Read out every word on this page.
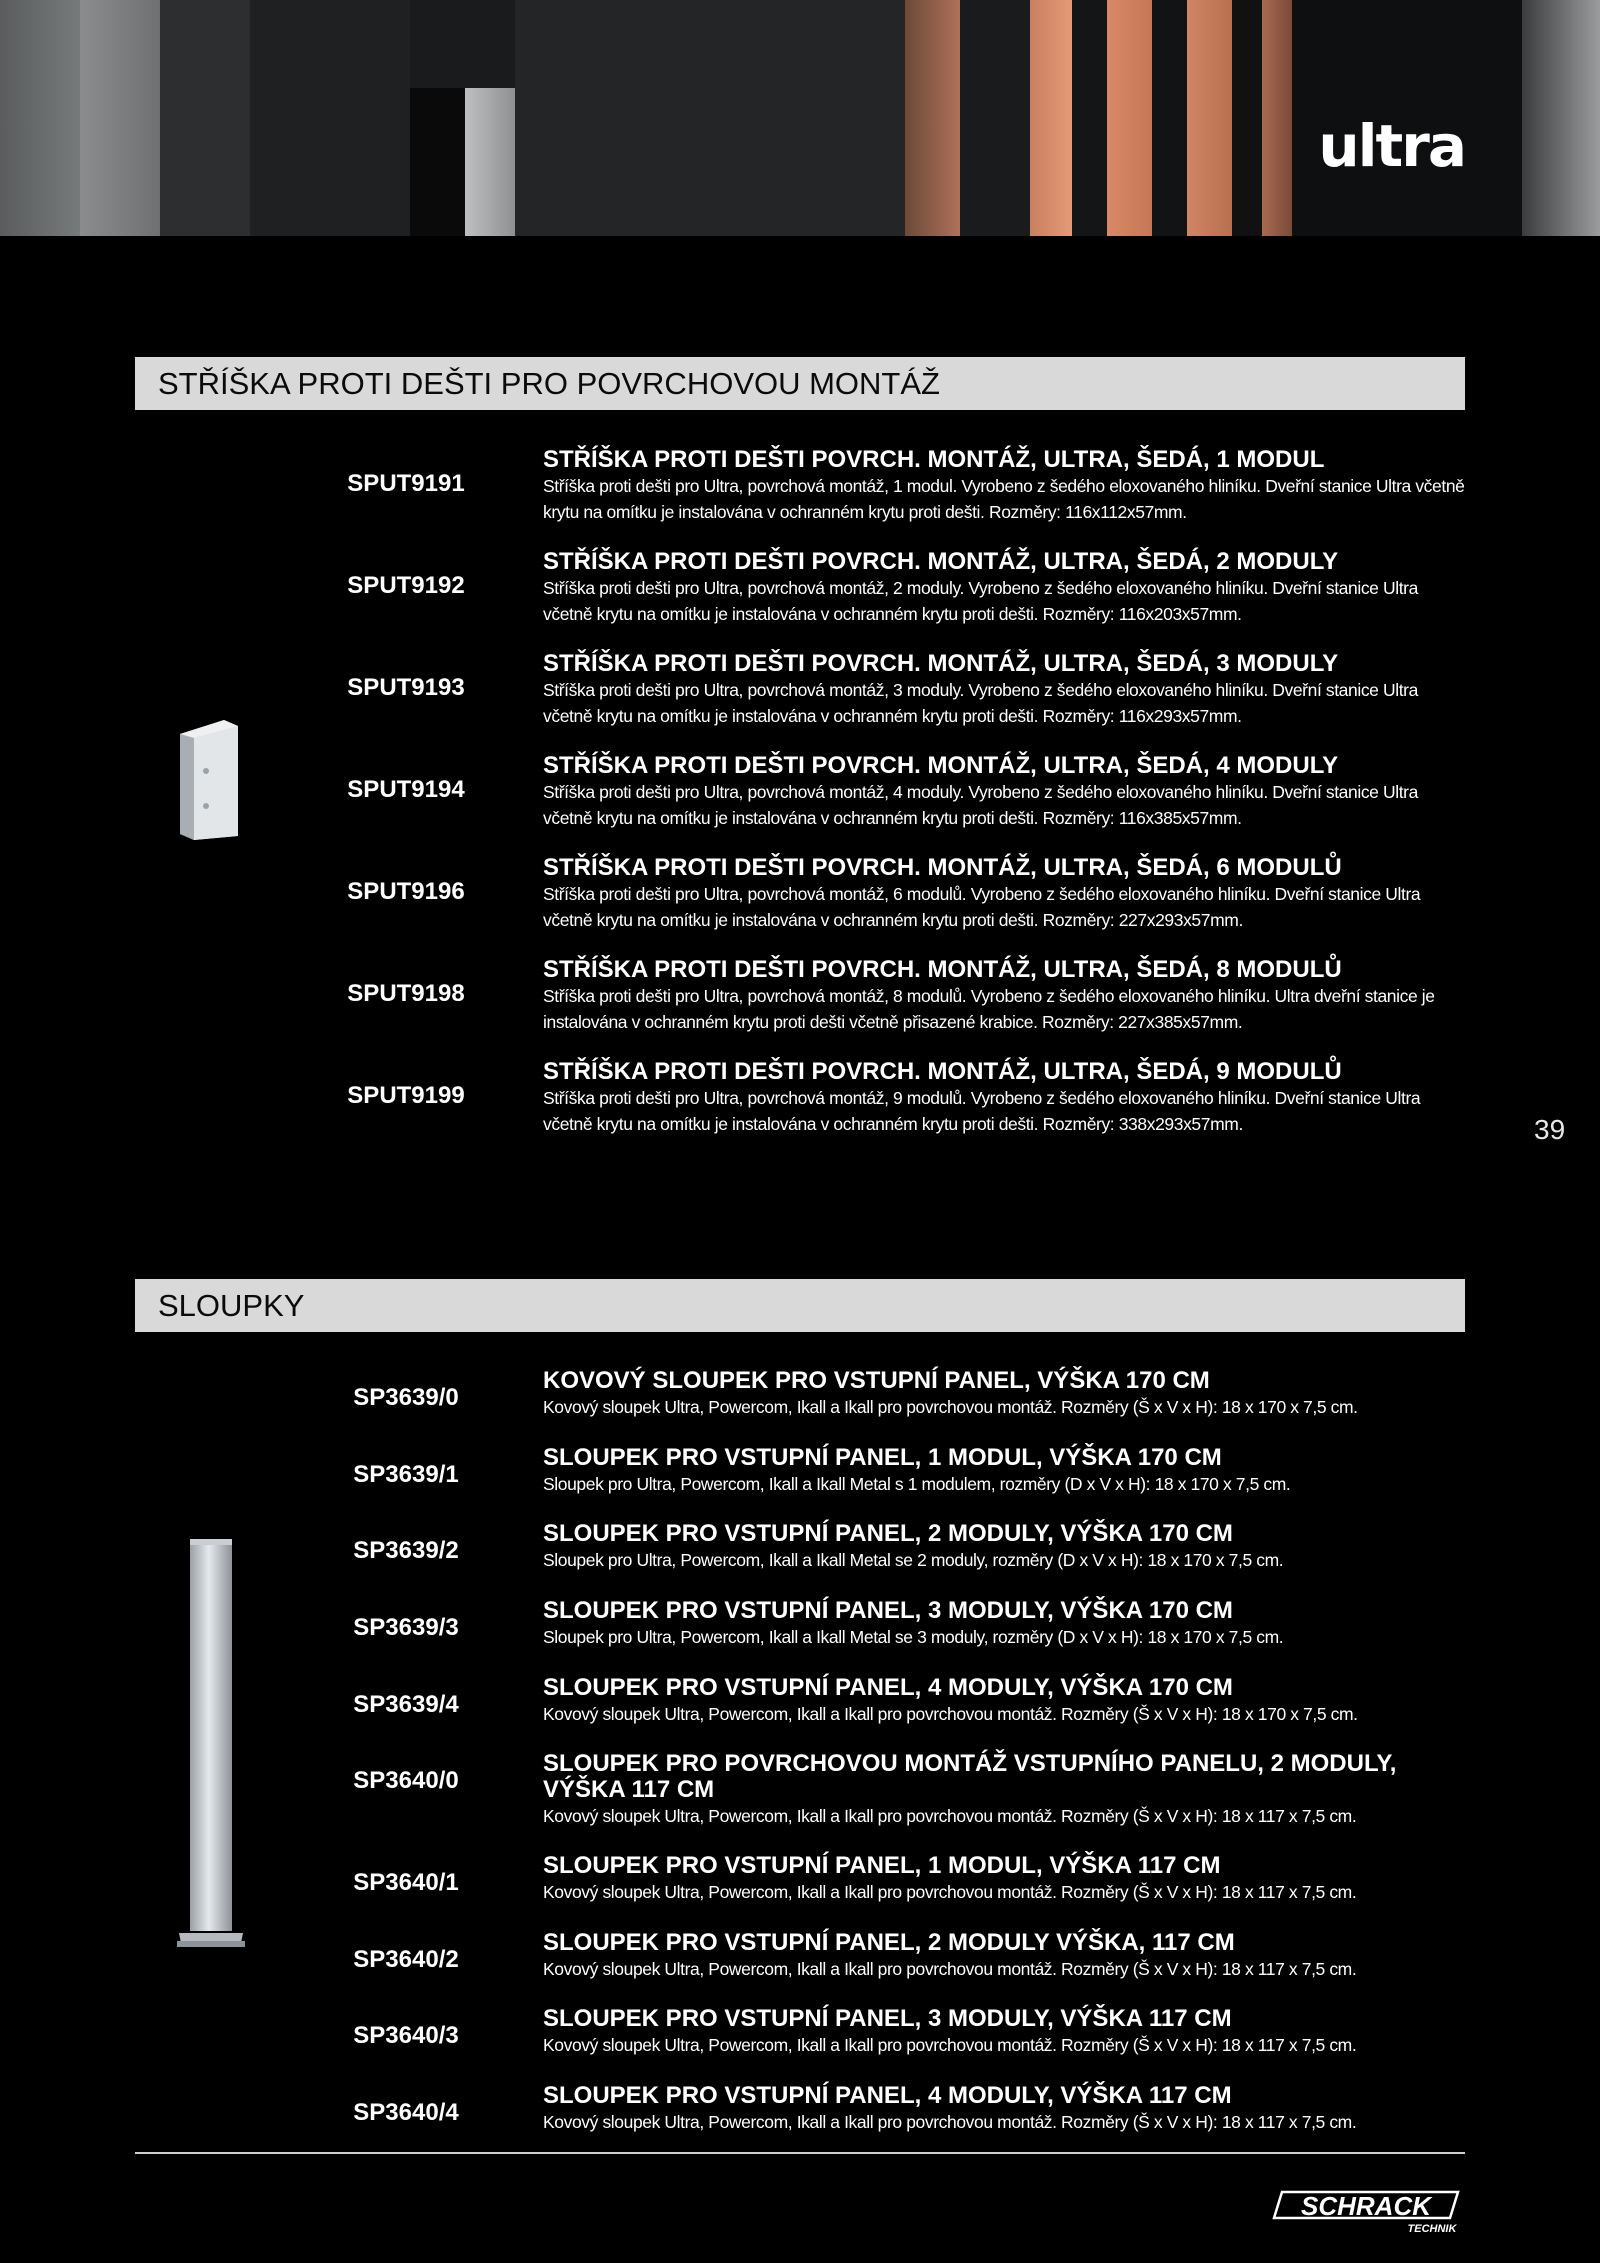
ultra
STŘÍŠKA PROTI DEŠTI PRO POVRCHOVOU MONTÁŽ
SPUT9191
STŘÍŠKA PROTI DEŠTI POVRCH. MONTÁŽ, ULTRA, ŠEDÁ, 1 MODUL
Stříška proti dešti pro Ultra, povrchová montáž, 1 modul. Vyrobeno z šedého eloxovaného hliníku. Dveřní stanice Ultra včetně krytu na omítku je instalována v ochranném krytu proti dešti. Rozměry: 116x112x57mm.
SPUT9192
STŘÍŠKA PROTI DEŠTI POVRCH. MONTÁŽ, ULTRA, ŠEDÁ, 2 MODULY
Stříška proti dešti pro Ultra, povrchová montáž, 2 moduly. Vyrobeno z šedého eloxovaného hliníku. Dveřní stanice Ultra včetně krytu na omítku je instalována v ochranném krytu proti dešti. Rozměry: 116x203x57mm.
SPUT9193
STŘÍŠKA PROTI DEŠTI POVRCH. MONTÁŽ, ULTRA, ŠEDÁ, 3 MODULY
Stříška proti dešti pro Ultra, povrchová montáž, 3 moduly. Vyrobeno z šedého eloxovaného hliníku. Dveřní stanice Ultra včetně krytu na omítku je instalována v ochranném krytu proti dešti. Rozměry: 116x293x57mm.
SPUT9194
STŘÍŠKA PROTI DEŠTI POVRCH. MONTÁŽ, ULTRA, ŠEDÁ, 4 MODULY
Stříška proti dešti pro Ultra, povrchová montáž, 4 moduly. Vyrobeno z šedého eloxovaného hliníku. Dveřní stanice Ultra včetně krytu na omítku je instalována v ochranném krytu proti dešti. Rozměry: 116x385x57mm.
SPUT9196
STŘÍŠKA PROTI DEŠTI POVRCH. MONTÁŽ, ULTRA, ŠEDÁ, 6 MODULŮ
Stříška proti dešti pro Ultra, povrchová montáž, 6 modulů. Vyrobeno z šedého eloxovaného hliníku. Dveřní stanice Ultra včetně krytu na omítku je instalována v ochranném krytu proti dešti. Rozměry: 227x293x57mm.
SPUT9198
STŘÍŠKA PROTI DEŠTI POVRCH. MONTÁŽ, ULTRA, ŠEDÁ, 8 MODULŮ
Stříška proti dešti pro Ultra, povrchová montáž, 8 modulů. Vyrobeno z šedého eloxovaného hliníku. Ultra dveřní stanice je instalována v ochranném krytu proti dešti včetně přisazené krabice. Rozměry: 227x385x57mm.
SPUT9199
STŘÍŠKA PROTI DEŠTI POVRCH. MONTÁŽ, ULTRA, ŠEDÁ, 9 MODULŮ
Stříška proti dešti pro Ultra, povrchová montáž, 9 modulů. Vyrobeno z šedého eloxovaného hliníku. Dveřní stanice Ultra včetně krytu na omítku je instalována v ochranném krytu proti dešti. Rozměry: 338x293x57mm.	39
SLOUPKY
SP3639/0
KOVOVÝ SLOUPEK PRO VSTUPNÍ PANEL, VÝŠKA 170 CM
Kovový sloupek Ultra, Powercom, Ikall a Ikall pro povrchovou montáž. Rozměry (Š x V x H): 18 x 170 x 7,5 cm.
SP3639/1
SLOUPEK PRO VSTUPNÍ PANEL, 1 MODUL, VÝŠKA 170 CM
Sloupek pro Ultra, Powercom, Ikall a Ikall Metal s 1 modulem, rozměry (D x V x H): 18 x 170 x 7,5 cm.
SP3639/2
SLOUPEK PRO VSTUPNÍ PANEL, 2 MODULY, VÝŠKA 170 CM
Sloupek pro Ultra, Powercom, Ikall a Ikall Metal se 2 moduly, rozměry (D x V x H): 18 x 170 x 7,5 cm.
SP3639/3
SLOUPEK PRO VSTUPNÍ PANEL, 3 MODULY, VÝŠKA 170 CM
Sloupek pro Ultra, Powercom, Ikall a Ikall Metal se 3 moduly, rozměry (D x V x H): 18 x 170 x 7,5 cm.
SP3639/4
SLOUPEK PRO VSTUPNÍ PANEL, 4 MODULY, VÝŠKA 170 CM
Kovový sloupek Ultra, Powercom, Ikall a Ikall pro povrchovou montáž. Rozměry (Š x V x H): 18 x 170 x 7,5 cm.
SP3640/0
SLOUPEK PRO POVRCHOVOU MONTÁŽ VSTUPNÍHO PANELU, 2 MODULY, VÝŠKA 117 CM
Kovový sloupek Ultra, Powercom, Ikall a Ikall pro povrchovou montáž. Rozměry (Š x V x H): 18 x 117 x 7,5 cm.
SP3640/1
SLOUPEK PRO VSTUPNÍ PANEL, 1 MODUL, VÝŠKA 117 CM
Kovový sloupek Ultra, Powercom, Ikall a Ikall pro povrchovou montáž. Rozměry (Š x V x H): 18 x 117 x 7,5 cm.
SP3640/2
SLOUPEK PRO VSTUPNÍ PANEL, 2 MODULY VÝŠKA, 117 CM
Kovový sloupek Ultra, Powercom, Ikall a Ikall pro povrchovou montáž. Rozměry (Š x V x H): 18 x 117 x 7,5 cm.
SP3640/3
SLOUPEK PRO VSTUPNÍ PANEL, 3 MODULY, VÝŠKA 117 CM
Kovový sloupek Ultra, Powercom, Ikall a Ikall pro povrchovou montáž. Rozměry (Š x V x H): 18 x 117 x 7,5 cm.
SP3640/4
SLOUPEK PRO VSTUPNÍ PANEL, 4 MODULY, VÝŠKA 117 CM
Kovový sloupek Ultra, Powercom, Ikall a Ikall pro povrchovou montáž. Rozměry (Š x V x H): 18 x 117 x 7,5 cm.
SCHRACK
TECHNIK
